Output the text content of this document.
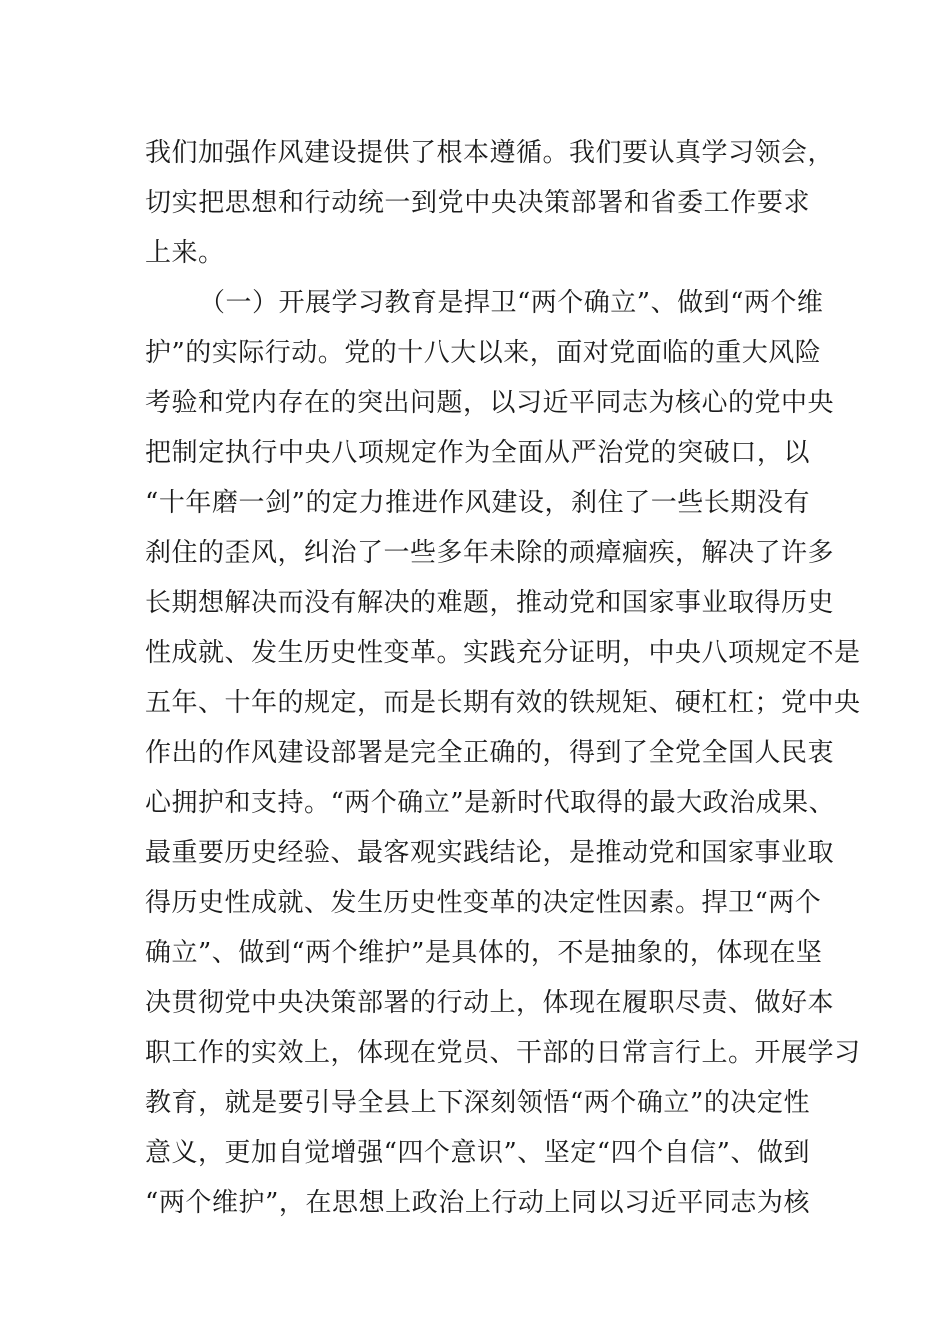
我们加强作风建设提供了根本遵循。我们要认真学习领会，
切实把思想和行动统一到党中央决策部署和省委工作要求
上来。
（一）开展学习教育是捍卫“两个确立”、做到“两个维
护”的实际行动。党的十八大以来，面对党面临的重大风险
考验和党内存在的突出问题，以习近平同志为核心的党中央
把制定执行中央八项规定作为全面从严治党的突破口，以
“十年磨一剑”的定力推进作风建设，刹住了一些长期没有
刹住的歪风，纠治了一些多年未除的顽瘴痼疾，解决了许多
长期想解决而没有解决的难题，推动党和国家事业取得历史
性成就、发生历史性变革。实践充分证明，中央八项规定不是
五年、十年的规定，而是长期有效的铁规矩、硬杠杠；党中央
作出的作风建设部署是完全正确的，得到了全党全国人民衷
心拥护和支持。“两个确立”是新时代取得的最大政治成果、
最重要历史经验、最客观实践结论，是推动党和国家事业取
得历史性成就、发生历史性变革的决定性因素。捍卫“两个
确立”、做到“两个维护”是具体的，不是抽象的，体现在坚
决贯彻党中央决策部署的行动上，体现在履职尽责、做好本
职工作的实效上，体现在党员、干部的日常言行上。开展学习
教育，就是要引导全县上下深刻领悟“两个确立”的决定性
意义，更加自觉增强“四个意识”、坚定“四个自信”、做到
“两个维护”，在思想上政治上行动上同以习近平同志为核
